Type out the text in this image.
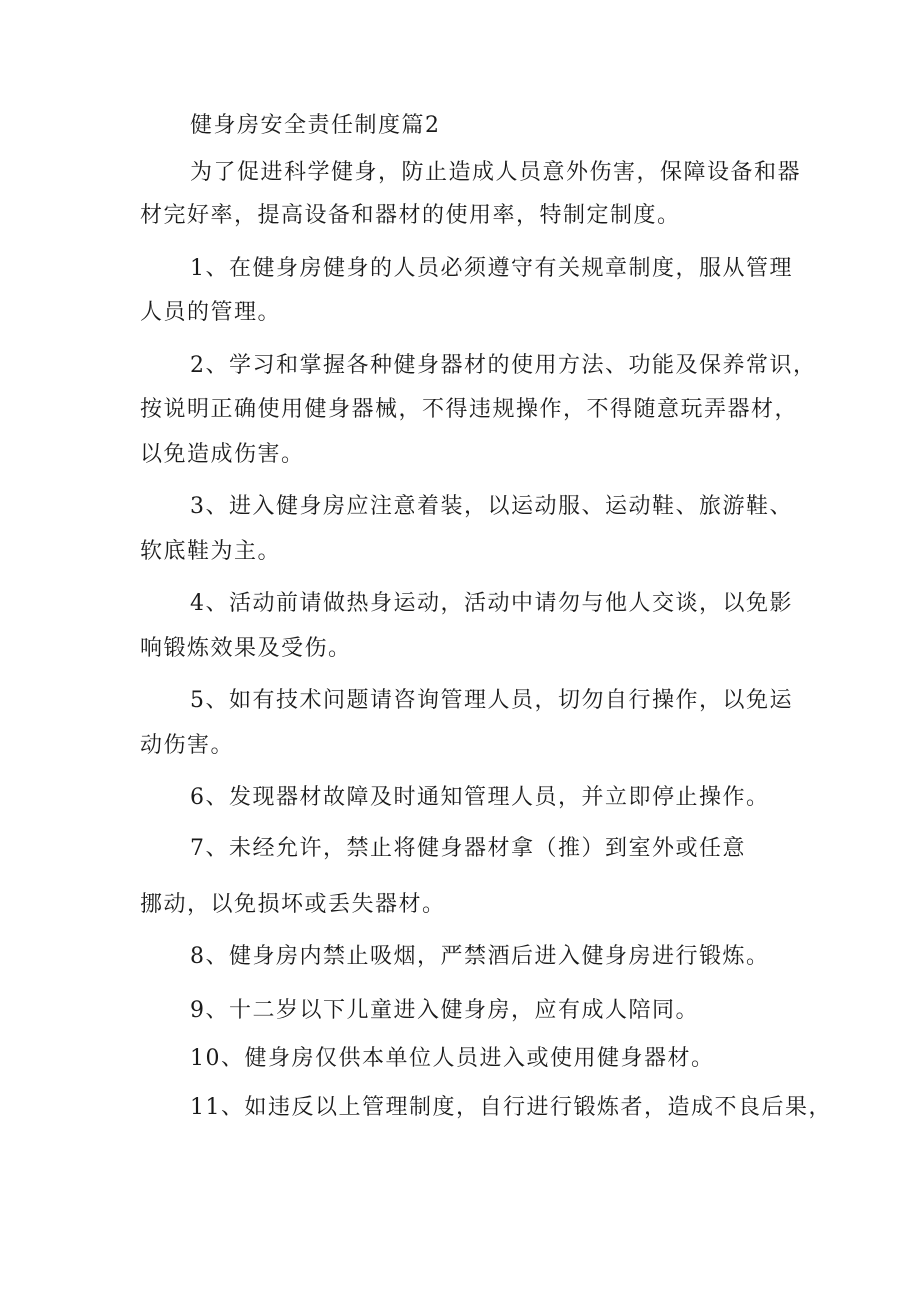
健身房安全责任制度篇2
为了促进科学健身，防止造成人员意外伤害，保障设备和器
材完好率，提高设备和器材的使用率，特制定制度。
1、在健身房健身的人员必须遵守有关规章制度，服从管理
人员的管理。
2、学习和掌握各种健身器材的使用方法、功能及保养常识，
按说明正确使用健身器械，不得违规操作，不得随意玩弄器材，
以免造成伤害。
3、进入健身房应注意着装，以运动服、运动鞋、旅游鞋、
软底鞋为主。
4、活动前请做热身运动，活动中请勿与他人交谈，以免影
响锻炼效果及受伤。
5、如有技术问题请咨询管理人员，切勿自行操作，以免运
动伤害。
6、发现器材故障及时通知管理人员，并立即停止操作。
7、未经允许，禁止将健身器材拿（推）到室外或任意
挪动，以免损坏或丢失器材。
8、健身房内禁止吸烟，严禁酒后进入健身房进行锻炼。
9、十二岁以下儿童进入健身房，应有成人陪同。
10、健身房仅供本单位人员进入或使用健身器材。
11、如违反以上管理制度，自行进行锻炼者，造成不良后果，
